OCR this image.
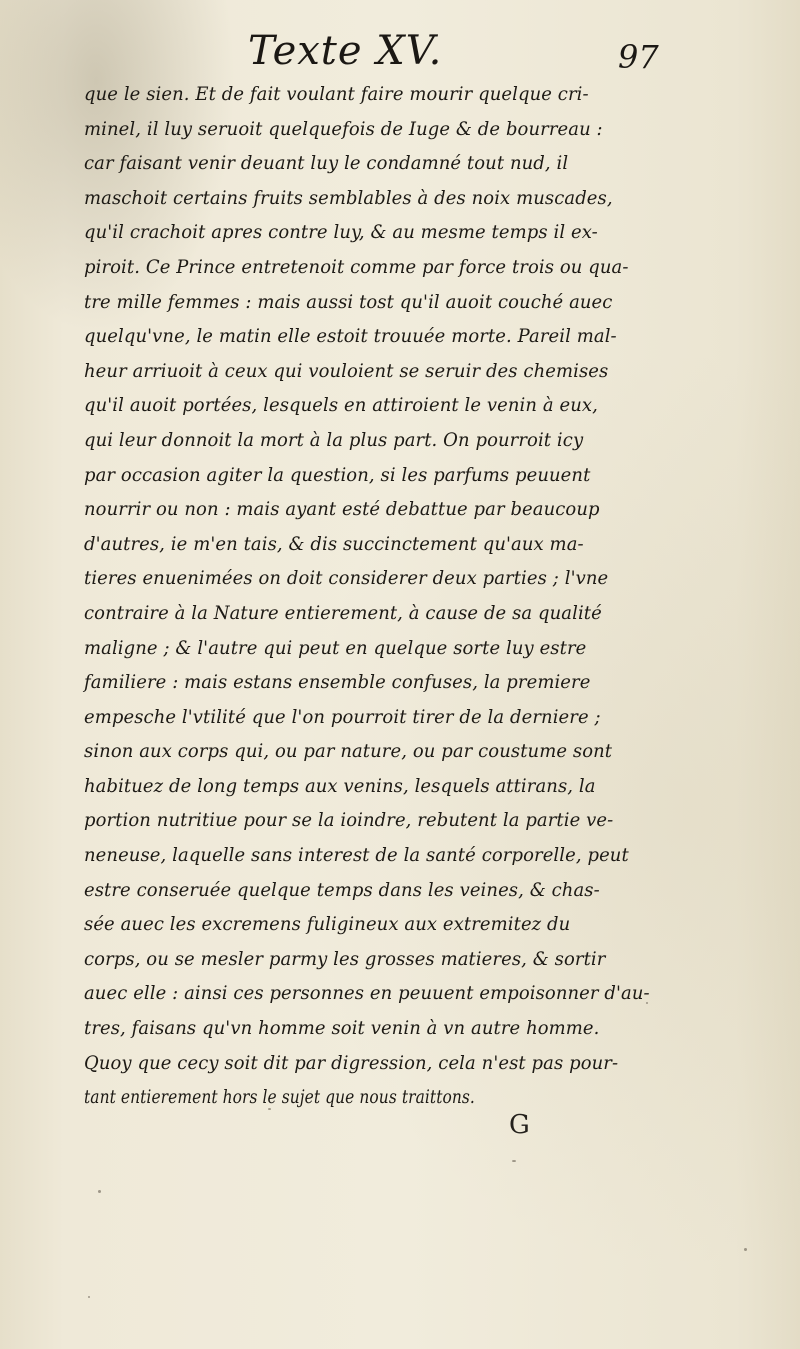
Texte XV.	97
que le sien. Et de fait voulant faire mourir quelque cri-
minel, il luy seruoit quelquefois de Iuge & de bourreau :
car faisant venir deuant luy le condamné tout nud, il
maschoit certains fruits semblables à des noix muscades,
qu'il crachoit apres contre luy, & au mesme temps il ex-
piroit. Ce Prince entretenoit comme par force trois ou qua-
tre mille femmes : mais aussi tost qu'il auoit couché auec
quelqu'vne, le matin elle estoit trouuée morte. Pareil mal-
heur arriuoit à ceux qui vouloient se seruir des chemises
qu'il auoit portées, lesquels en attiroient le venin à eux,
qui leur donnoit la mort à la plus part. On pourroit icy
par occasion agiter la question, si les parfums peuuent
nourrir ou non : mais ayant esté debattue par beaucoup
d'autres, ie m'en tais, & dis succinctement qu'aux ma-
tieres enuenimées on doit considerer deux parties ; l'vne
contraire à la Nature entierement, à cause de sa qualité
maligne ; & l'autre qui peut en quelque sorte luy estre
familiere : mais estans ensemble confuses, la premiere
empesche l'vtilité que l'on pourroit tirer de la derniere ;
sinon aux corps qui, ou par nature, ou par coustume sont
habituez de long temps aux venins, lesquels attirans, la
portion nutritiue pour se la ioindre, rebutent la partie ve-
neneuse, laquelle sans interest de la santé corporelle, peut
estre conseruée quelque temps dans les veines, & chas-
sée auec les excremens fuligineux aux extremitez du
corps, ou se mesler parmy les grosses matieres, & sortir
auec elle : ainsi ces personnes en peuuent empoisonner d'au-
tres, faisans qu'vn homme soit venin à vn autre homme.
Quoy que cecy soit dit par digression, cela n'est pas pour-
tant entierement hors le sujet que nous traittons.
G
